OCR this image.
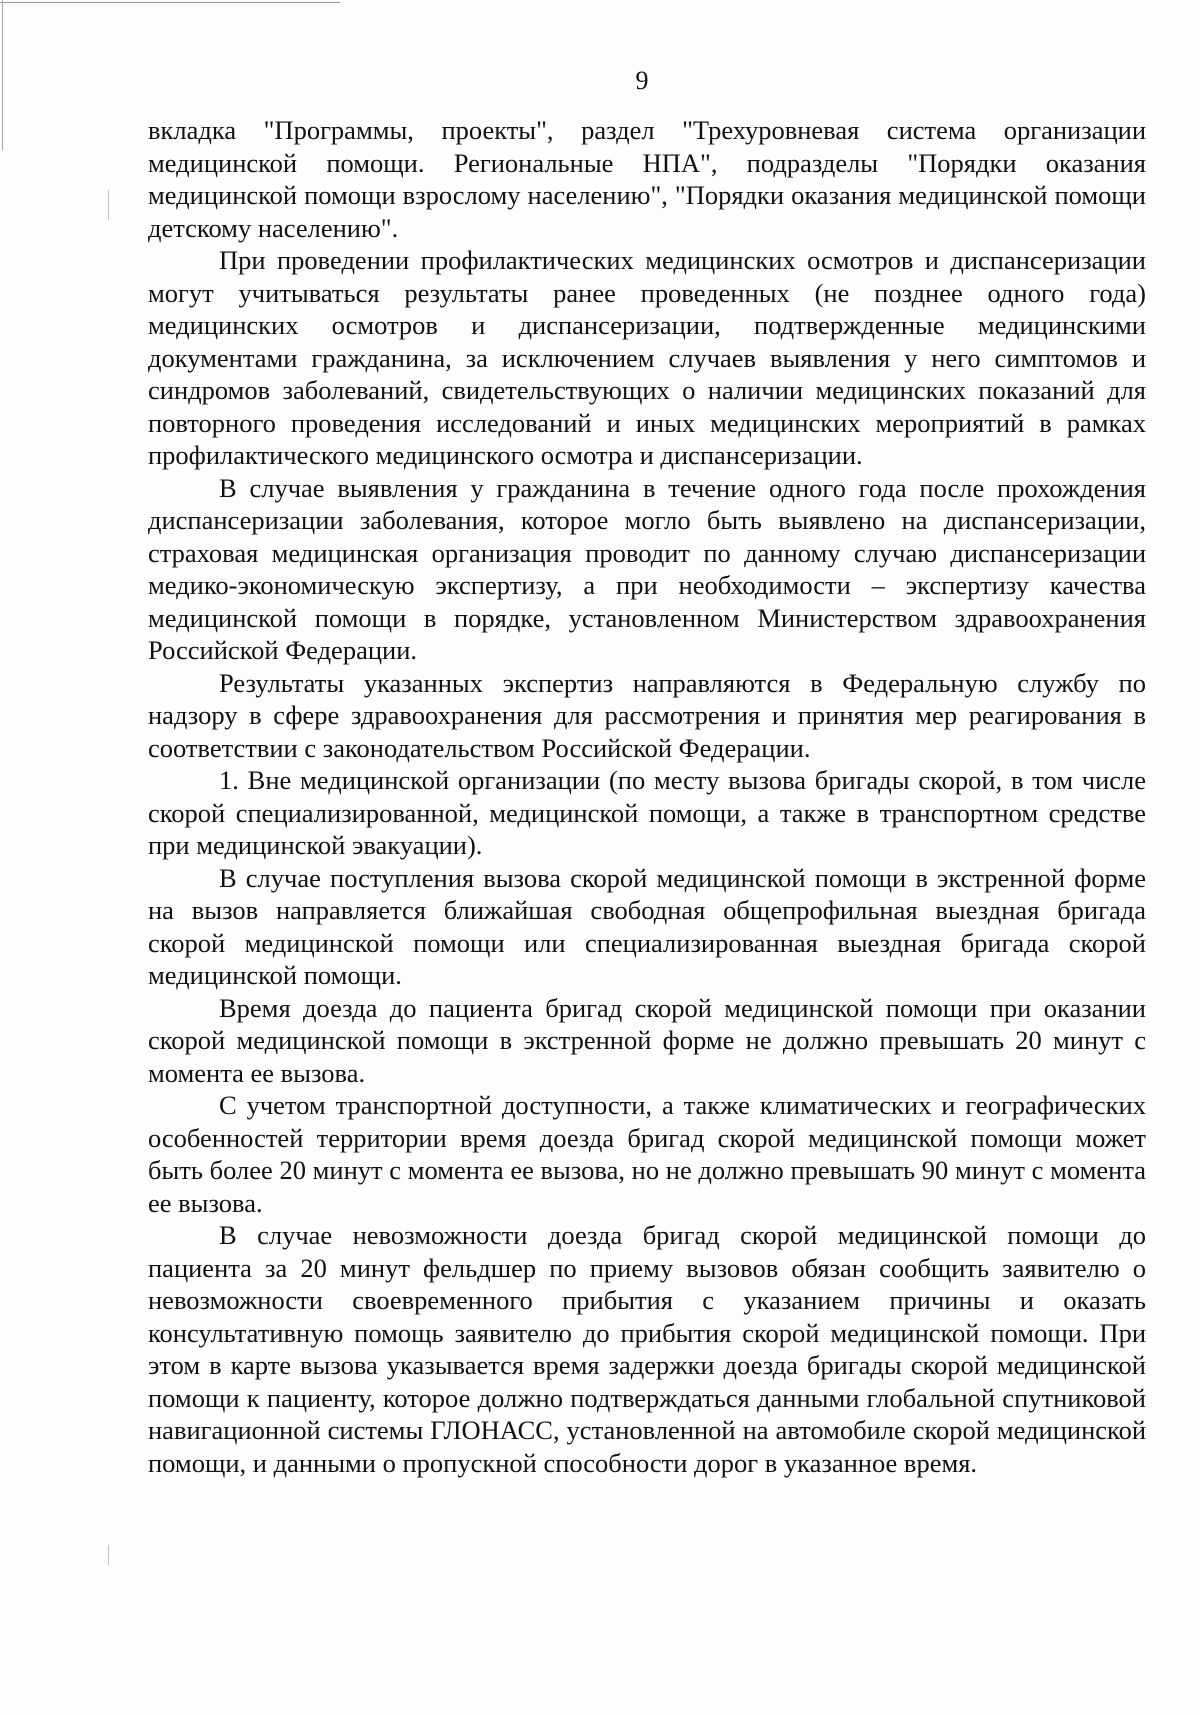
9

вкладка "Программы, проекты", раздел "Трехуровневая система организации медицинской помощи. Региональные НПА", подразделы "Порядки оказания медицинской помощи взрослому населению", "Порядки оказания медицинской помощи детскому населению".

При проведении профилактических медицинских осмотров и диспансеризации могут учитываться результаты ранее проведенных (не позднее одного года) медицинских осмотров и диспансеризации, подтвержденные медицинскими документами гражданина, за исключением случаев выявления у него симптомов и синдромов заболеваний, свидетельствующих о наличии медицинских показаний для повторного проведения исследований и иных медицинских мероприятий в рамках профилактического медицинского осмотра и диспансеризации.

В случае выявления у гражданина в течение одного года после прохождения диспансеризации заболевания, которое могло быть выявлено на диспансеризации, страховая медицинская организация проводит по данному случаю диспансеризации медико-экономическую экспертизу, а при необходимости – экспертизу качества медицинской помощи в порядке, установленном Министерством здравоохранения Российской Федерации.

Результаты указанных экспертиз направляются в Федеральную службу по надзору в сфере здравоохранения для рассмотрения и принятия мер реагирования в соответствии с законодательством Российской Федерации.

1. Вне медицинской организации (по месту вызова бригады скорой, в том числе скорой специализированной, медицинской помощи, а также в транспортном средстве при медицинской эвакуации).

В случае поступления вызова скорой медицинской помощи в экстренной форме на вызов направляется ближайшая свободная общепрофильная выездная бригада скорой медицинской помощи или специализированная выездная бригада скорой медицинской помощи.

Время доезда до пациента бригад скорой медицинской помощи при оказании скорой медицинской помощи в экстренной форме не должно превышать 20 минут с момента ее вызова.

С учетом транспортной доступности, а также климатических и географических особенностей территории время доезда бригад скорой медицинской помощи может быть более 20 минут с момента ее вызова, но не должно превышать 90 минут с момента ее вызова.

В случае невозможности доезда бригад скорой медицинской помощи до пациента за 20 минут фельдшер по приему вызовов обязан сообщить заявителю о невозможности своевременного прибытия с указанием причины и оказать консультативную помощь заявителю до прибытия скорой медицинской помощи. При этом в карте вызова указывается время задержки доезда бригады скорой медицинской помощи к пациенту, которое должно подтверждаться данными глобальной спутниковой навигационной системы ГЛОНАСС, установленной на автомобиле скорой медицинской помощи, и данными о пропускной способности дорог в указанное время.
